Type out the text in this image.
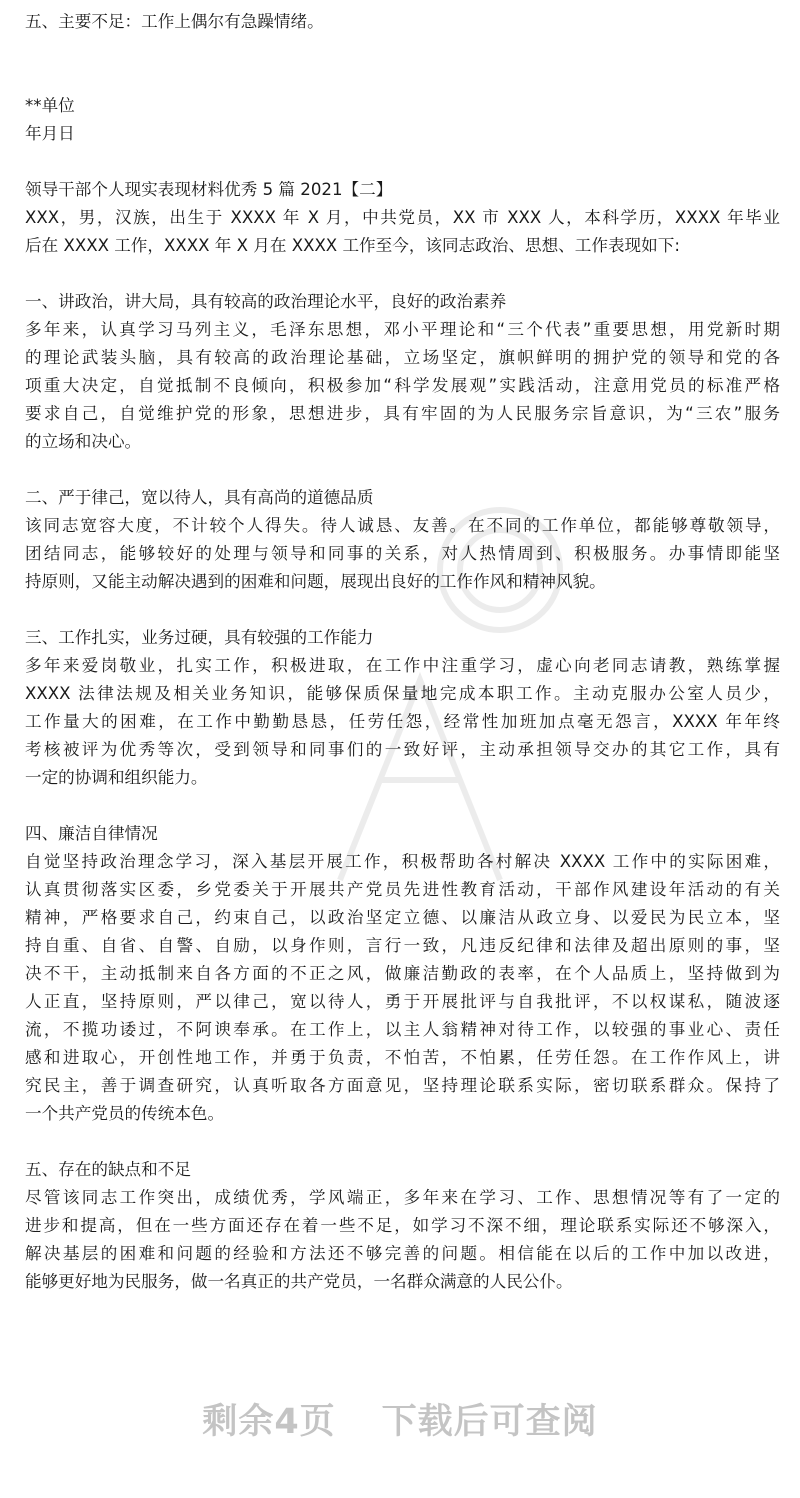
五、主要不足：工作上偶尔有急躁情绪。
**单位
年月日
领导干部个人现实表现材料优秀 5 篇 2021【二】
XXX，男，汉族，出生于 XXXX 年 X 月，中共党员，XX 市 XXX 人，本科学历，XXXX 年毕业
后在 XXXX 工作，XXXX 年 X 月在 XXXX 工作至今，该同志政治、思想、工作表现如下:
一、讲政治，讲大局，具有较高的政治理论水平，良好的政治素养
多年来，认真学习马列主义，毛泽东思想，邓小平理论和“三个代表”重要思想，用党新时期
的理论武装头脑，具有较高的政治理论基础，立场坚定，旗帜鲜明的拥护党的领导和党的各
项重大决定，自觉抵制不良倾向，积极参加“科学发展观”实践活动，注意用党员的标准严格
要求自己，自觉维护党的形象，思想进步，具有牢固的为人民服务宗旨意识，为“三农”服务
的立场和决心。
二、严于律己，宽以待人，具有高尚的道德品质
该同志宽容大度，不计较个人得失。待人诚恳、友善。在不同的工作单位，都能够尊敬领导，
团结同志，能够较好的处理与领导和同事的关系，对人热情周到、积极服务。办事情即能坚
持原则，又能主动解决遇到的困难和问题，展现出良好的工作作风和精神风貌。
三、工作扎实，业务过硬，具有较强的工作能力
多年来爱岗敬业，扎实工作，积极进取，在工作中注重学习，虚心向老同志请教，熟练掌握
XXXX 法律法规及相关业务知识，能够保质保量地完成本职工作。主动克服办公室人员少，
工作量大的困难，在工作中勤勤恳恳，任劳任怨，经常性加班加点毫无怨言，XXXX 年年终
考核被评为优秀等次，受到领导和同事们的一致好评，主动承担领导交办的其它工作，具有
一定的协调和组织能力。
四、廉洁自律情况
自觉坚持政治理念学习，深入基层开展工作，积极帮助各村解决 XXXX 工作中的实际困难，
认真贯彻落实区委，乡党委关于开展共产党员先进性教育活动，干部作风建设年活动的有关
精神，严格要求自己，约束自己，以政治坚定立德、以廉洁从政立身、以爱民为民立本，坚
持自重、自省、自警、自励，以身作则，言行一致，凡违反纪律和法律及超出原则的事，坚
决不干，主动抵制来自各方面的不正之风，做廉洁勤政的表率，在个人品质上，坚持做到为
人正直，坚持原则，严以律己，宽以待人，勇于开展批评与自我批评，不以权谋私，随波逐
流，不揽功诿过，不阿谀奉承。在工作上，以主人翁精神对待工作，以较强的事业心、责任
感和进取心，开创性地工作，并勇于负责，不怕苦，不怕累，任劳任怨。在工作作风上，讲
究民主，善于调查研究，认真听取各方面意见，坚持理论联系实际，密切联系群众。保持了
一个共产党员的传统本色。
五、存在的缺点和不足
尽管该同志工作突出，成绩优秀，学风端正，多年来在学习、工作、思想情况等有了一定的
进步和提高，但在一些方面还存在着一些不足，如学习不深不细，理论联系实际还不够深入，
解决基层的困难和问题的经验和方法还不够完善的问题。相信能在以后的工作中加以改进，
能够更好地为民服务，做一名真正的共产党员，一名群众满意的人民公仆。
剩余4页 下载后可查阅
